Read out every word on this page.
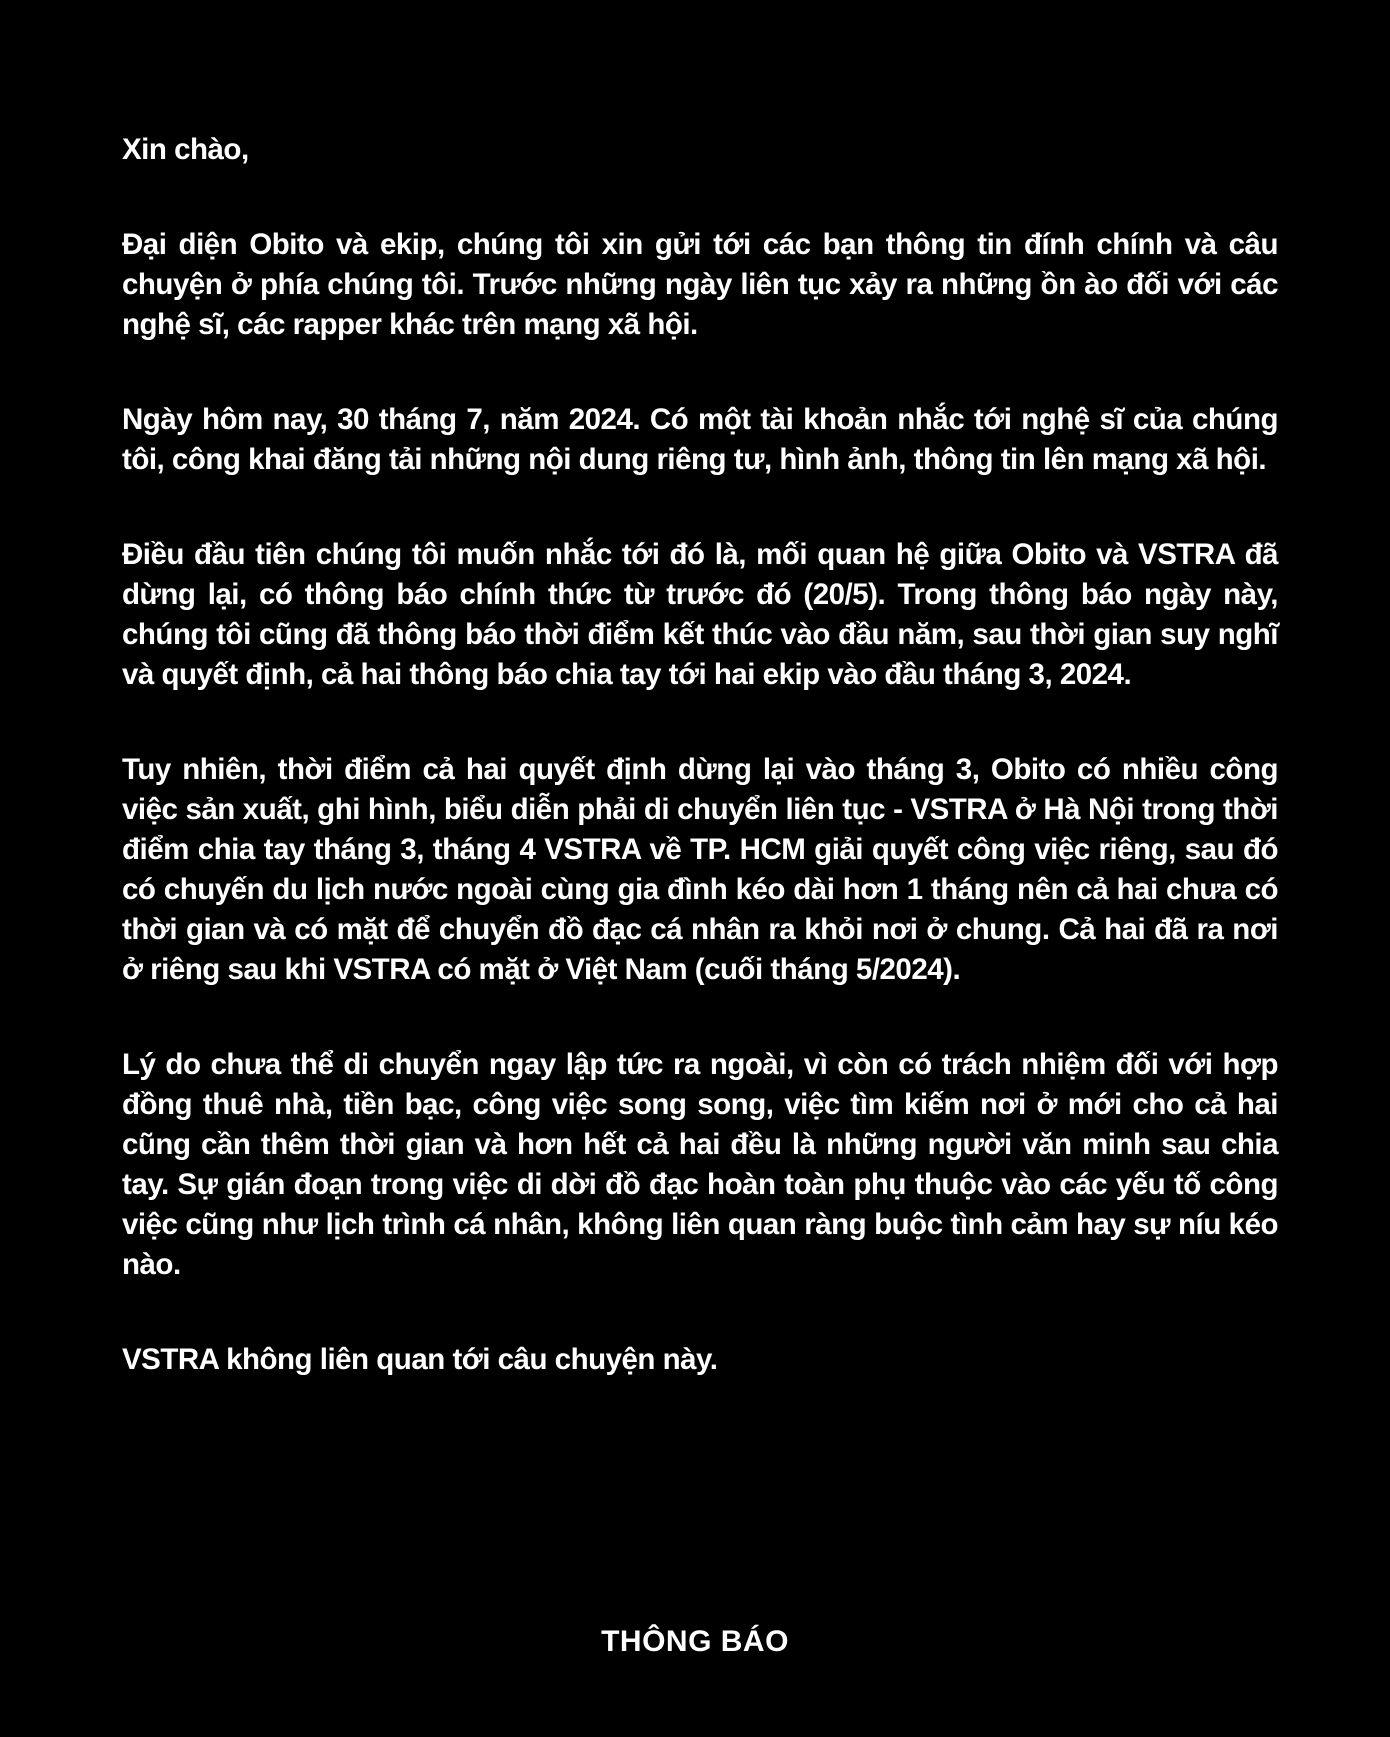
Xin chào,

Đại diện Obito và ekip, chúng tôi xin gửi tới các bạn thông tin đính chính và câu chuyện ở phía chúng tôi. Trước những ngày liên tục xảy ra những ồn ào đối với các nghệ sĩ, các rapper khác trên mạng xã hội.

Ngày hôm nay, 30 tháng 7, năm 2024. Có một tài khoản nhắc tới nghệ sĩ của chúng tôi, công khai đăng tải những nội dung riêng tư, hình ảnh, thông tin lên mạng xã hội.

Điều đầu tiên chúng tôi muốn nhắc tới đó là, mối quan hệ giữa Obito và VSTRA đã dừng lại, có thông báo chính thức từ trước đó (20/5). Trong thông báo ngày này, chúng tôi cũng đã thông báo thời điểm kết thúc vào đầu năm, sau thời gian suy nghĩ và quyết định, cả hai thông báo chia tay tới hai ekip vào đầu tháng 3, 2024.

Tuy nhiên, thời điểm cả hai quyết định dừng lại vào tháng 3, Obito có nhiều công việc sản xuất, ghi hình, biểu diễn phải di chuyển liên tục - VSTRA ở Hà Nội trong thời điểm chia tay tháng 3, tháng 4 VSTRA về TP. HCM giải quyết công việc riêng, sau đó có chuyến du lịch nước ngoài cùng gia đình kéo dài hơn 1 tháng nên cả hai chưa có thời gian và có mặt để chuyển đồ đạc cá nhân ra khỏi nơi ở chung. Cả hai đã ra nơi ở riêng sau khi VSTRA có mặt ở Việt Nam (cuối tháng 5/2024).

Lý do chưa thể di chuyển ngay lập tức ra ngoài, vì còn có trách nhiệm đối với hợp đồng thuê nhà, tiền bạc, công việc song song, việc tìm kiếm nơi ở mới cho cả hai cũng cần thêm thời gian và hơn hết cả hai đều là những người văn minh sau chia tay. Sự gián đoạn trong việc di dời đồ đạc hoàn toàn phụ thuộc vào các yếu tố công việc cũng như lịch trình cá nhân, không liên quan ràng buộc tình cảm hay sự níu kéo nào.

VSTRA không liên quan tới câu chuyện này.

THÔNG BÁO
